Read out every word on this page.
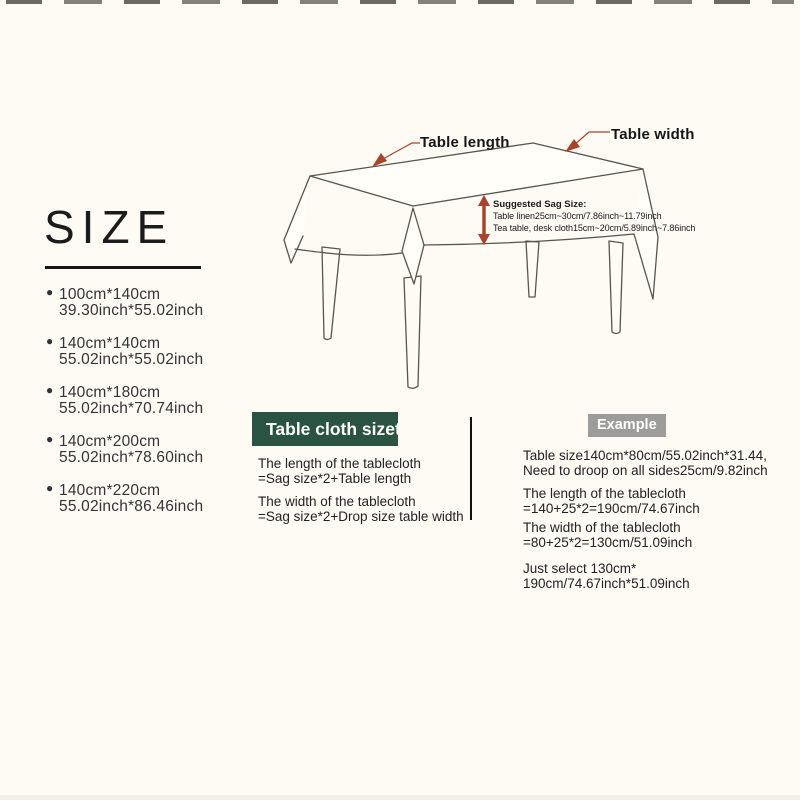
Table length	Table width
Suggested Sag Size:
Table linen25cm~30cm/7.86inch~11.79inch
Tea table, desk cloth15cm~20cm/5.89inch~7.86inch
SIZE
● 100cm*140cm
39.30inch*55.02inch
● 140cm*140cm
55.02inch*55.02inch
● 140cm*180cm
55.02inch*70.74inch
● 140cm*200cm
55.02inch*78.60inch
● 140cm*220cm
55.02inch*86.46inch
Table cloth sizet

The length of the tablecloth
=Sag size*2+Table length

The width of the tablecloth
=Sag size*2+Drop size table width

Example

Table size140cm*80cm/55.02inch*31.44,
Need to droop on all sides25cm/9.82inch

The length of the tablecloth
=140+25*2=190cm/74.67inch

The width of the tablecloth
=80+25*2=130cm/51.09inch

Just select 130cm* 190cm/74.67inch*51.09inch
